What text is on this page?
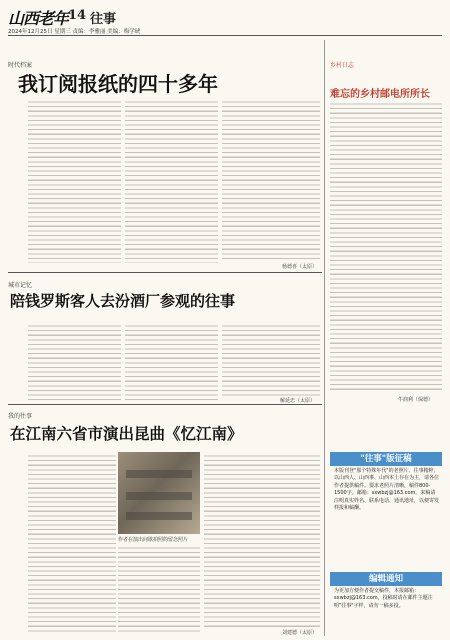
山西老年 14 往事
2024年12月25日 星期三 责编：李雅丽 美编：梅学琥
时代档案
我订阅报纸的四十多年
杨德喜（太原）
城市记忆
陪钱罗斯客人去汾酒厂参观的往事
解延忠（太原）
我的往事
在江南六省市演出昆曲《忆江南》
作者在演出间歇拍照的留念照片
刘建德（太原）
乡村日志
难忘的乡村邮电所所长
牛润利（保德）
"往事"版征稿
本版刊登"那个特殊年代"的老照片、往事精粹，以山西人、山西事、山西本土存在为主，请各位作者提供稿件。要求老照片清晰，稿件800-1500字。邮箱：sxwbzj@163.com。来稿请注明真实姓名、联系电话、通讯地址，以便寄发样报和稿酬。
编辑通知
为更加方便作者提交稿件，本报邮箱：sxwbzj@163.com，投稿时请在邮件主题注明"往事"字样，请勿一稿多投。
